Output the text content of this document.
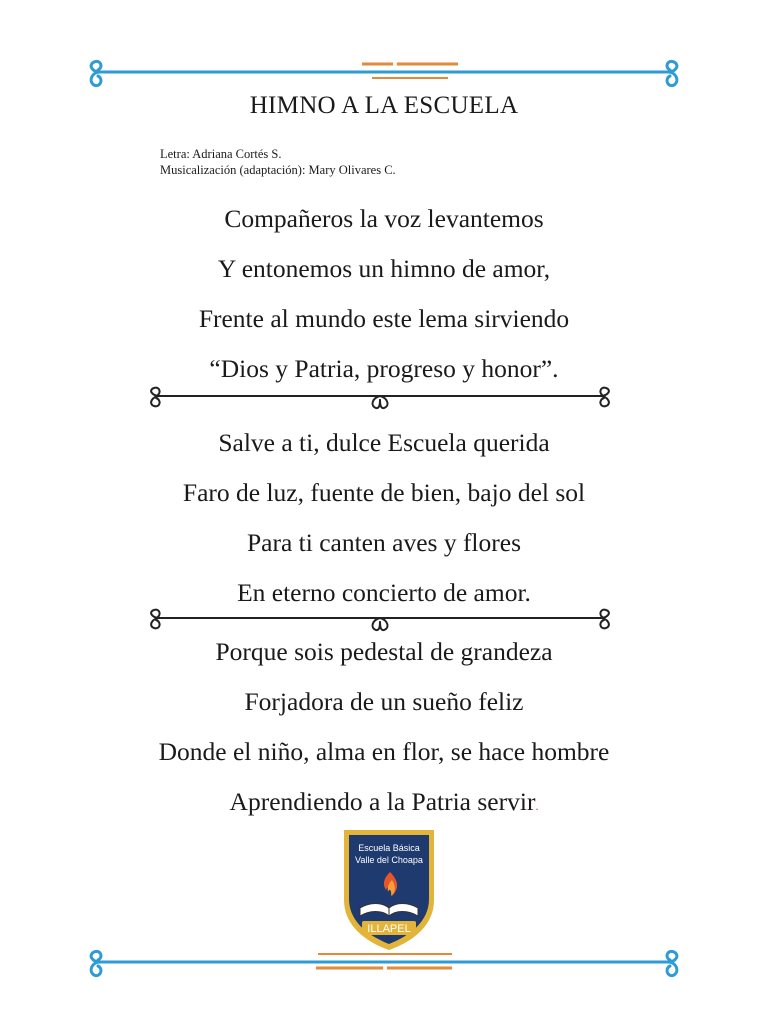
HIMNO A LA ESCUELA
Letra: Adriana Cortés S.
Musicalización (adaptación): Mary Olivares C.
Compañeros la voz levantemos
Y entonemos un himno de amor,
Frente al mundo este lema sirviendo
“Dios y Patria, progreso y honor”.
Salve a ti, dulce Escuela querida
Faro de luz, fuente de bien, bajo del sol
Para ti canten aves y flores
En eterno concierto de amor.
Porque sois pedestal de grandeza
Forjadora de un sueño feliz
Donde el niño, alma en flor, se hace hombre
Aprendiendo a la Patria servir.
Escuela Básica
Valle del Choapa
ILLAPEL
